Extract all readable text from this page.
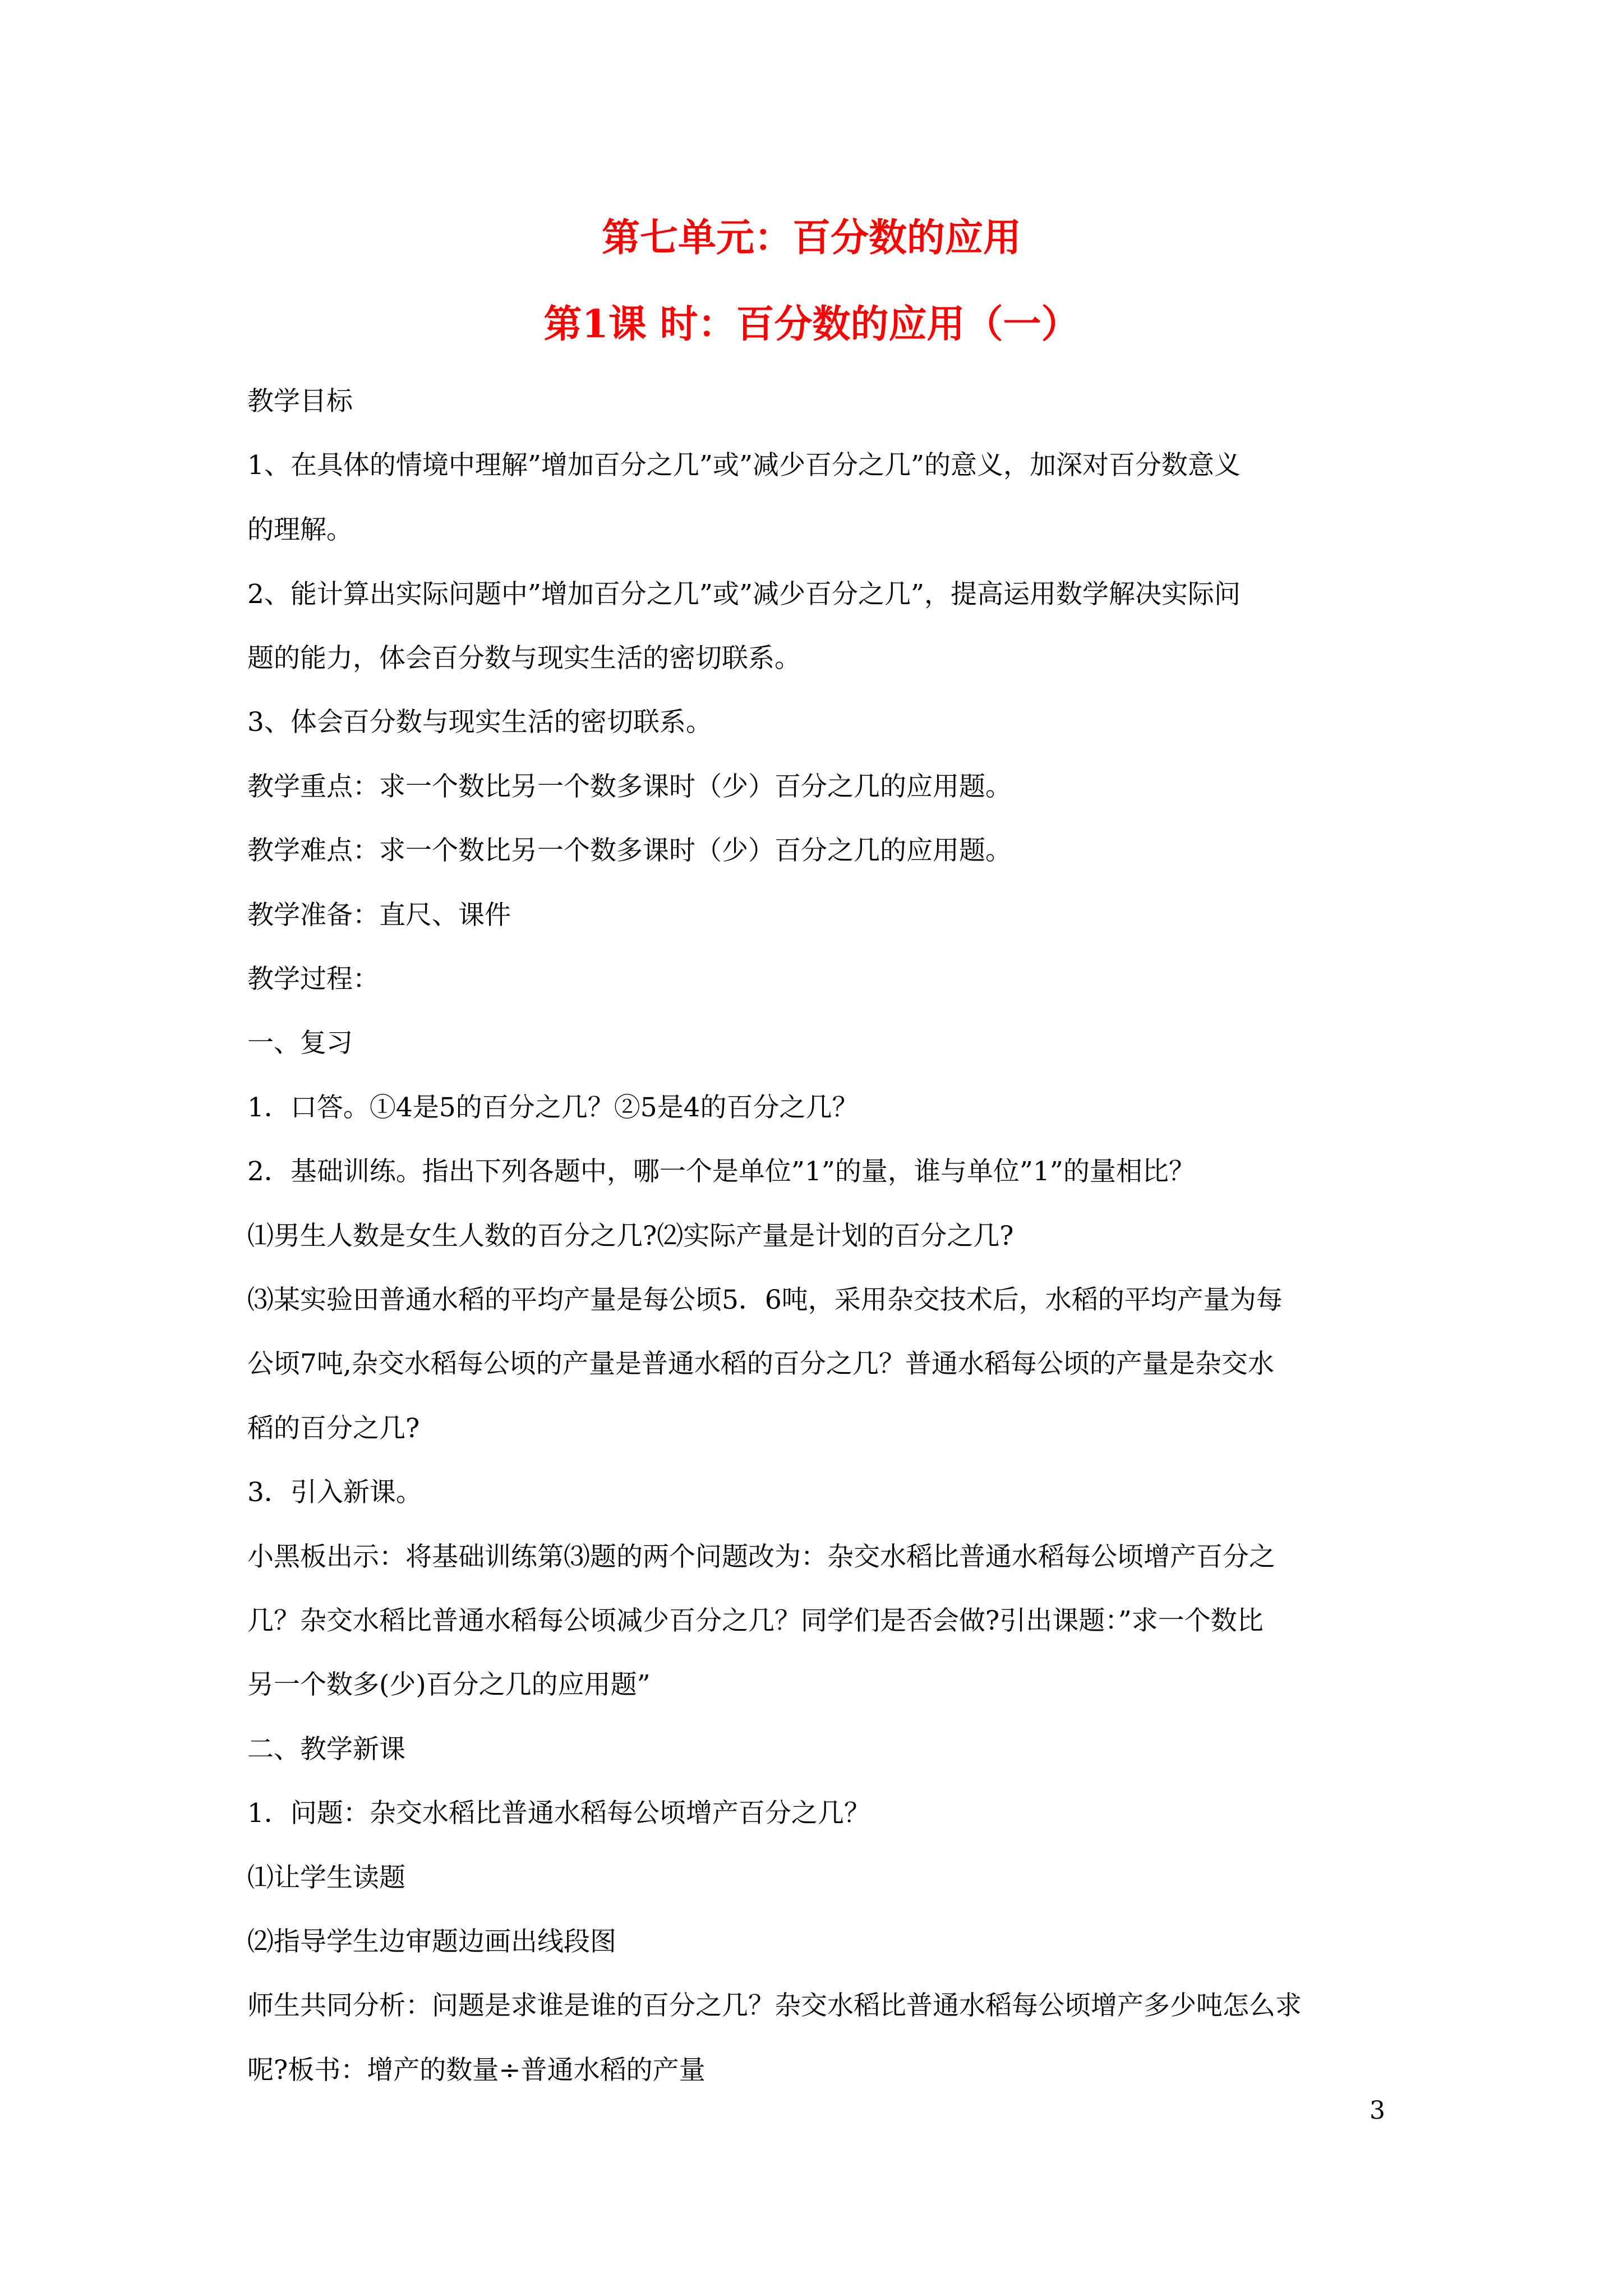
第七单元：百分数的应用
第1课 时：百分数的应用（一）
教学目标
1、在具体的情境中理解”增加百分之几”或”减少百分之几”的意义，加深对百分数意义
的理解。
2、能计算出实际问题中”增加百分之几”或”减少百分之几”，提高运用数学解决实际问
题的能力，体会百分数与现实生活的密切联系。
3、体会百分数与现实生活的密切联系。
教学重点：求一个数比另一个数多课时（少）百分之几的应用题。
教学难点：求一个数比另一个数多课时（少）百分之几的应用题。
教学准备：直尺、课件
教学过程：
一、复习
1．口答。①4是5的百分之几？②5是4的百分之几？
2．基础训练。指出下列各题中，哪一个是单位”1”的量，谁与单位”1”的量相比？
⑴男生人数是女生人数的百分之几?⑵实际产量是计划的百分之几?
⑶某实验田普通水稻的平均产量是每公顷5．6吨，采用杂交技术后，水稻的平均产量为每
公顷7吨,杂交水稻每公顷的产量是普通水稻的百分之几？普通水稻每公顷的产量是杂交水
稻的百分之几?
3．引入新课。
小黑板出示：将基础训练第⑶题的两个问题改为：杂交水稻比普通水稻每公顷增产百分之
几？杂交水稻比普通水稻每公顷减少百分之几？同学们是否会做?引出课题：”求一个数比
另一个数多(少)百分之几的应用题”
二、教学新课
1．问题：杂交水稻比普通水稻每公顷增产百分之几？
⑴让学生读题
⑵指导学生边审题边画出线段图
师生共同分析：问题是求谁是谁的百分之几？杂交水稻比普通水稻每公顷增产多少吨怎么求
呢?板书：增产的数量÷普通水稻的产量
3
